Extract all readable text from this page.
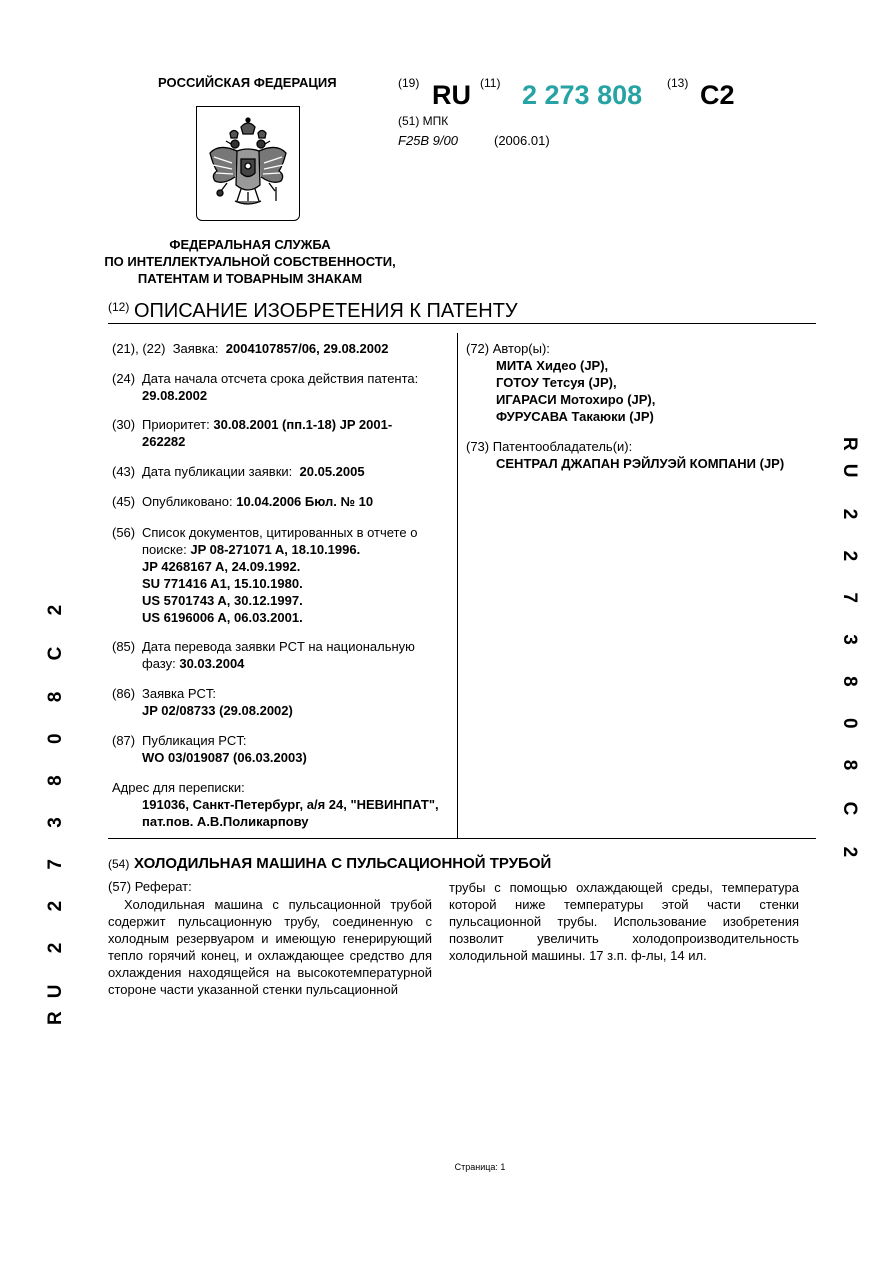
РОССИЙСКАЯ ФЕДЕРАЦИЯ
ФЕДЕРАЛЬНАЯ СЛУЖБА
ПО ИНТЕЛЛЕКТУАЛЬНОЙ СОБСТВЕННОСТИ,
ПАТЕНТАМ И ТОВАРНЫМ ЗНАКАМ
(19) RU (11) 2 273 808 (13) C2
(51) МПК
F25B 9/00	(2006.01)
(12) ОПИСАНИЕ ИЗОБРЕТЕНИЯ К ПАТЕНТУ
(21), (22) Заявка: 2004107857/06, 29.08.2002
(24) Дата начала отсчета срока действия патента:
29.08.2002
(30) Приоритет: 30.08.2001 (пп.1-18) JP 2001-
262282
(43) Дата публикации заявки: 20.05.2005
(45) Опубликовано: 10.04.2006 Бюл. № 10
(56) Список документов, цитированных в отчете о
поиске: JP 08-271071 A, 18.10.1996.
JP 4268167 A, 24.09.1992.
SU 771416 A1, 15.10.1980.
US 5701743 A, 30.12.1997.
US 6196006 A, 06.03.2001.
(85) Дата перевода заявки PCT на национальную
фазу: 30.03.2004
(86) Заявка PCT:
JP 02/08733 (29.08.2002)
(87) Публикация PCT:
WO 03/019087 (06.03.2003)
Адрес для переписки:
191036, Санкт-Петербург, а/я 24, "НЕВИНПАТ",
пат.пов. А.В.Поликарпову
(72) Автор(ы):
МИТА Хидео (JP),
ГОТОУ Тетсуя (JP),
ИГАРАСИ Мотохиро (JP),
ФУРУСАВА Такаюки (JP)
(73) Патентообладатель(и):
СЕНТРАЛ ДЖАПАН РЭЙЛУЭЙ КОМПАНИ (JP)	RU 2 2 7 3 8 0 8 C 2
RU 2 2 7 3 8 0 8 C 2	(54) ХОЛОДИЛЬНАЯ МАШИНА С ПУЛЬСАЦИОННОЙ ТРУБОЙ
(57) Реферат:
Холодильная машина с пульсационной трубой содержит пульсационную трубу, соединенную с холодным резервуаром и имеющую генерирующий тепло горячий конец, и охлаждающее средство для охлаждения находящейся на высокотемпературной стороне части указанной стенки пульсационной
трубы с помощью охлаждающей среды, температура которой ниже температуры этой части стенки пульсационной трубы. Использование изобретения позволит увеличить холодопроизводительность холодильной машины. 17 з.п. ф-лы, 14 ил.
Страница: 1
